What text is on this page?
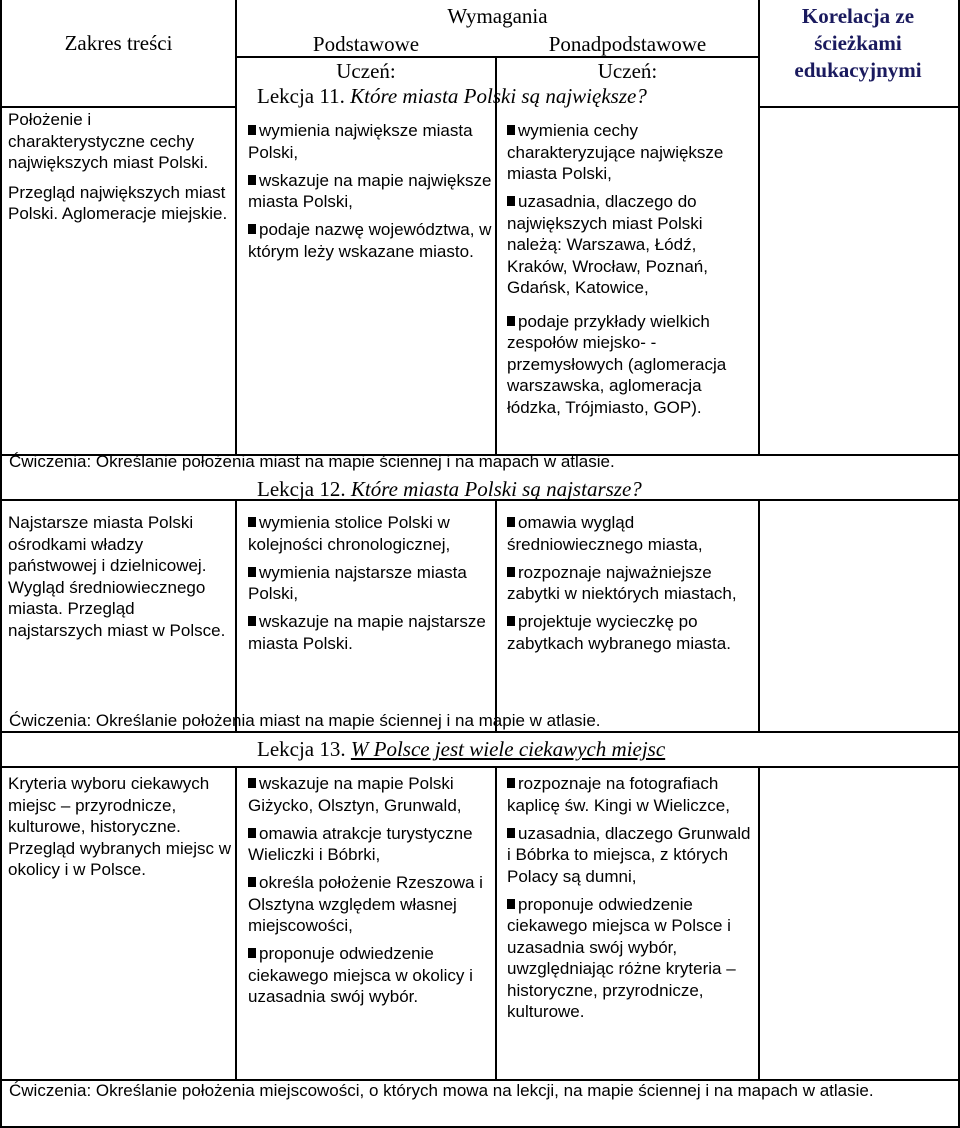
Zakres treści
Wymagania
Podstawowe
Uczeń:
Ponadpodstawowe
Uczeń:
Korelacja ze ścieżkami edukacyjnymi
Lekcja 11. Które miasta Polski są największe?

Położenie i charakterystyczne cechy największych miast Polski.

Przegląd największych miast Polski. Aglomeracje miejskie.

wymienia największe miasta Polski,
wskazuje na mapie największe miasta Polski,
podaje nazwę województwa, w którym leży wskazane miasto.
wymienia cechy charakteryzujące największe miasta Polski,
uzasadnia, dlaczego do największych miast Polski należą: Warszawa, Łódź, Kraków, Wrocław, Poznań, Gdańsk, Katowice,
podaje przykłady wielkich zespołów miejsko- -przemysłowych (aglomeracja warszawska, aglomeracja łódzka, Trójmiasto, GOP).
Ćwiczenia: Określanie położenia miast na mapie ściennej i na mapach w atlasie.
Lekcja 12. Które miasta Polski są najstarsze?

Najstarsze miasta Polski ośrodkami władzy państwowej i dzielnicowej. Wygląd średniowiecznego miasta. Przegląd najstarszych miast w Polsce.

wymienia stolice Polski w kolejności chronologicznej,
wymienia najstarsze miasta Polski,
wskazuje na mapie najstarsze miasta Polski.
omawia wygląd średniowiecznego miasta,
rozpoznaje najważniejsze zabytki w niektórych miastach,
projektuje wycieczkę po zabytkach wybranego miasta.
Ćwiczenia: Określanie położenia miast na mapie ściennej i na mapie w atlasie.
Lekcja 13. W Polsce jest wiele ciekawych miejsc

Kryteria wyboru ciekawych miejsc – przyrodnicze, kulturowe, historyczne. Przegląd wybranych miejsc w okolicy i w Polsce.

wskazuje na mapie Polski Giżycko, Olsztyn, Grunwald,
omawia atrakcje turystyczne Wieliczki i Bóbrki,
określa położenie Rzeszowa i Olsztyna względem własnej miejscowości,
proponuje odwiedzenie ciekawego miejsca w okolicy i uzasadnia swój wybór.
rozpoznaje na fotografiach kaplicę św. Kingi w Wieliczce,
uzasadnia, dlaczego Grunwald i Bóbrka to miejsca, z których Polacy są dumni,
proponuje odwiedzenie ciekawego miejsca w Polsce i uzasadnia swój wybór, uwzględniając różne kryteria – historyczne, przyrodnicze, kulturowe.
Ćwiczenia: Określanie położenia miejscowości, o których mowa na lekcji, na mapie ściennej i na mapach w atlasie.
